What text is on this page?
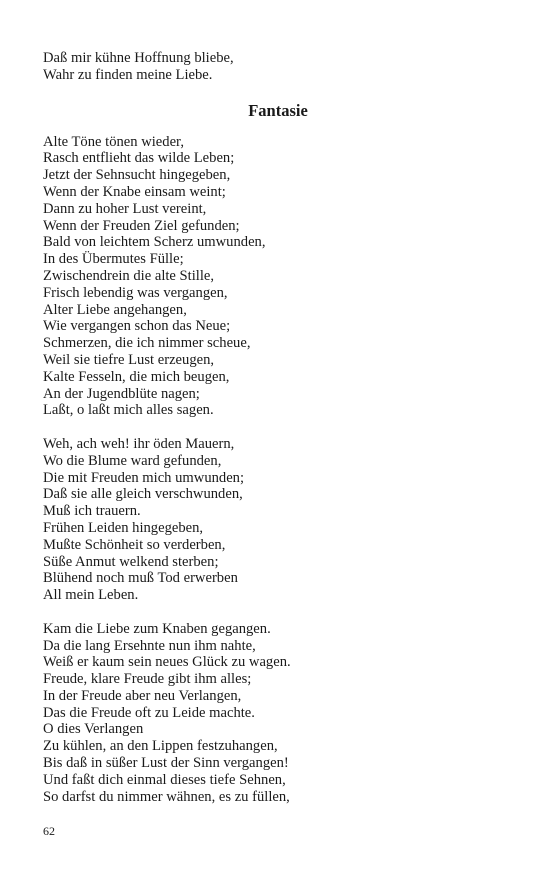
Daß mir kühne Hoffnung bliebe,
Wahr zu finden meine Liebe.
Fantasie
Alte Töne tönen wieder,
Rasch entflieht das wilde Leben;
Jetzt der Sehnsucht hingegeben,
Wenn der Knabe einsam weint;
Dann zu hoher Lust vereint,
Wenn der Freuden Ziel gefunden;
Bald von leichtem Scherz umwunden,
In des Übermutes Fülle;
Zwischendrein die alte Stille,
Frisch lebendig was vergangen,
Alter Liebe angehangen,
Wie vergangen schon das Neue;
Schmerzen, die ich nimmer scheue,
Weil sie tiefre Lust erzeugen,
Kalte Fesseln, die mich beugen,
An der Jugendblüte nagen;
Laßt, o laßt mich alles sagen.
Weh, ach weh! ihr öden Mauern,
Wo die Blume ward gefunden,
Die mit Freuden mich umwunden;
Daß sie alle gleich verschwunden,
Muß ich trauern.
Frühen Leiden hingegeben,
Mußte Schönheit so verderben,
Süße Anmut welkend sterben;
Blühend noch muß Tod erwerben
All mein Leben.
Kam die Liebe zum Knaben gegangen.
Da die lang Ersehnte nun ihm nahte,
Weiß er kaum sein neues Glück zu wagen.
Freude, klare Freude gibt ihm alles;
In der Freude aber neu Verlangen,
Das die Freude oft zu Leide machte.
O dies Verlangen
Zu kühlen, an den Lippen festzuhangen,
Bis daß in süßer Lust der Sinn vergangen!
Und faßt dich einmal dieses tiefe Sehnen,
So darfst du nimmer wähnen, es zu füllen,
62
